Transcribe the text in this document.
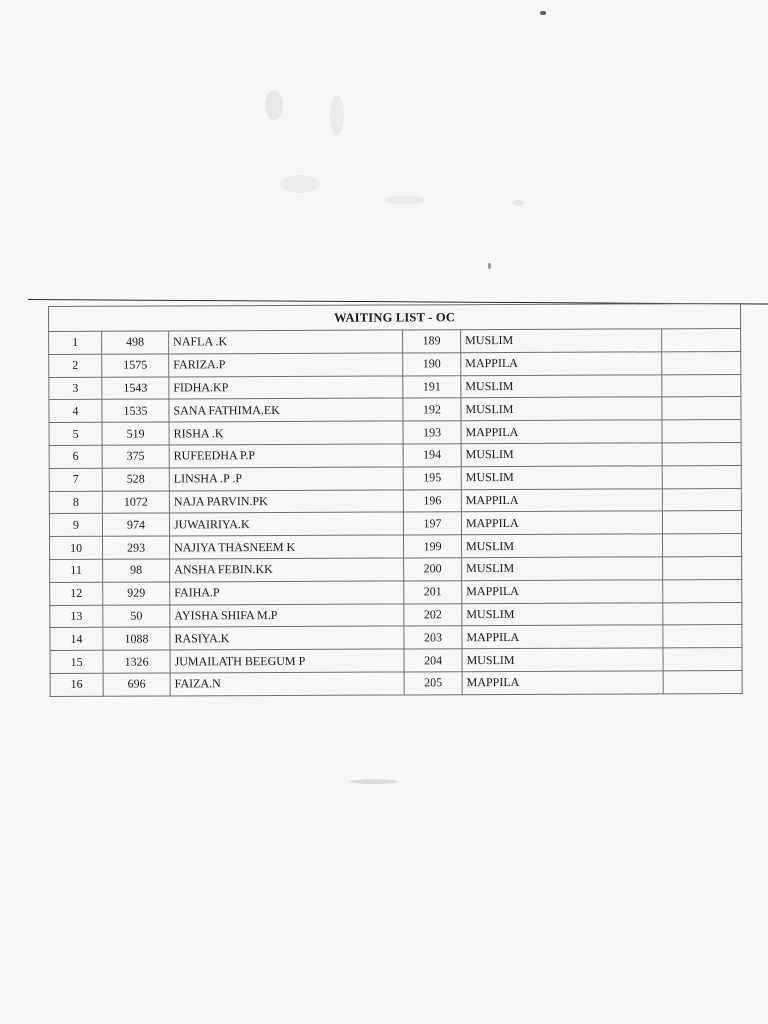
WAITING LIST - OC					
1	498	NAFLA .K	189	MUSLIM	
2	1575	FARIZA.P	190	MAPPILA	
3	1543	FIDHA.KP	191	MUSLIM	
4	1535	SANA FATHIMA.EK	192	MUSLIM	
5	519	RISHA .K	193	MAPPILA	
6	375	RUFEEDHA P.P	194	MUSLIM	
7	528	LINSHA .P .P	195	MUSLIM	
8	1072	NAJA PARVIN.PK	196	MAPPILA	
9	974	JUWAIRIYA.K	197	MAPPILA	
10	293	NAJIYA THASNEEM K	199	MUSLIM	
11	98	ANSHA FEBIN.KK	200	MUSLIM	
12	929	FAIHA.P	201	MAPPILA	
13	50	AYISHA SHIFA M.P	202	MUSLIM	
14	1088	RASIYA.K	203	MAPPILA	
15	1326	JUMAILATH BEEGUM P	204	MUSLIM	
16	696	FAIZA.N	205	MAPPILA	
